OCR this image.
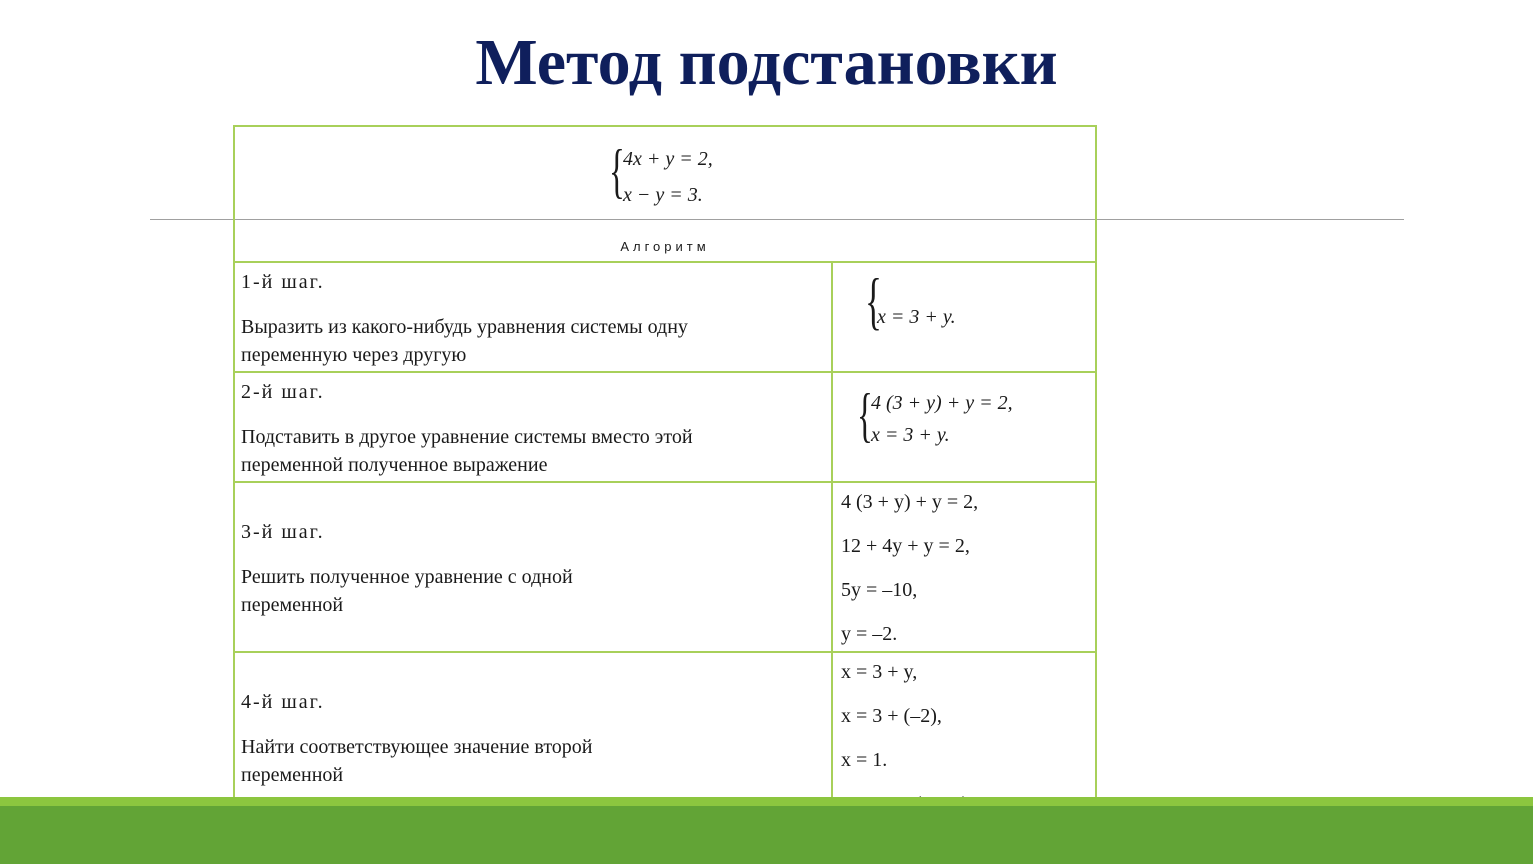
Метод подстановки
{
4x + y = 2,
x − y = 3.
Алгоритм
1-й шаг.
Выразить из какого-нибудь уравнения системы одну переменную через другую
{
x = 3 + y.
2-й шаг.
Подставить в другое уравнение системы вместо этой переменной полученное выражение
{
4 (3 + y) + y = 2,
x = 3 + y.
3-й шаг.
Решить полученное уравнение с одной переменной
4 (3 + y) + y = 2,
12 + 4y + y = 2,
5y = –10,
y = –2.
4-й шаг.
Найти соответствующее значение второй переменной
x = 3 + y,
x = 3 + (–2),
x = 1.
